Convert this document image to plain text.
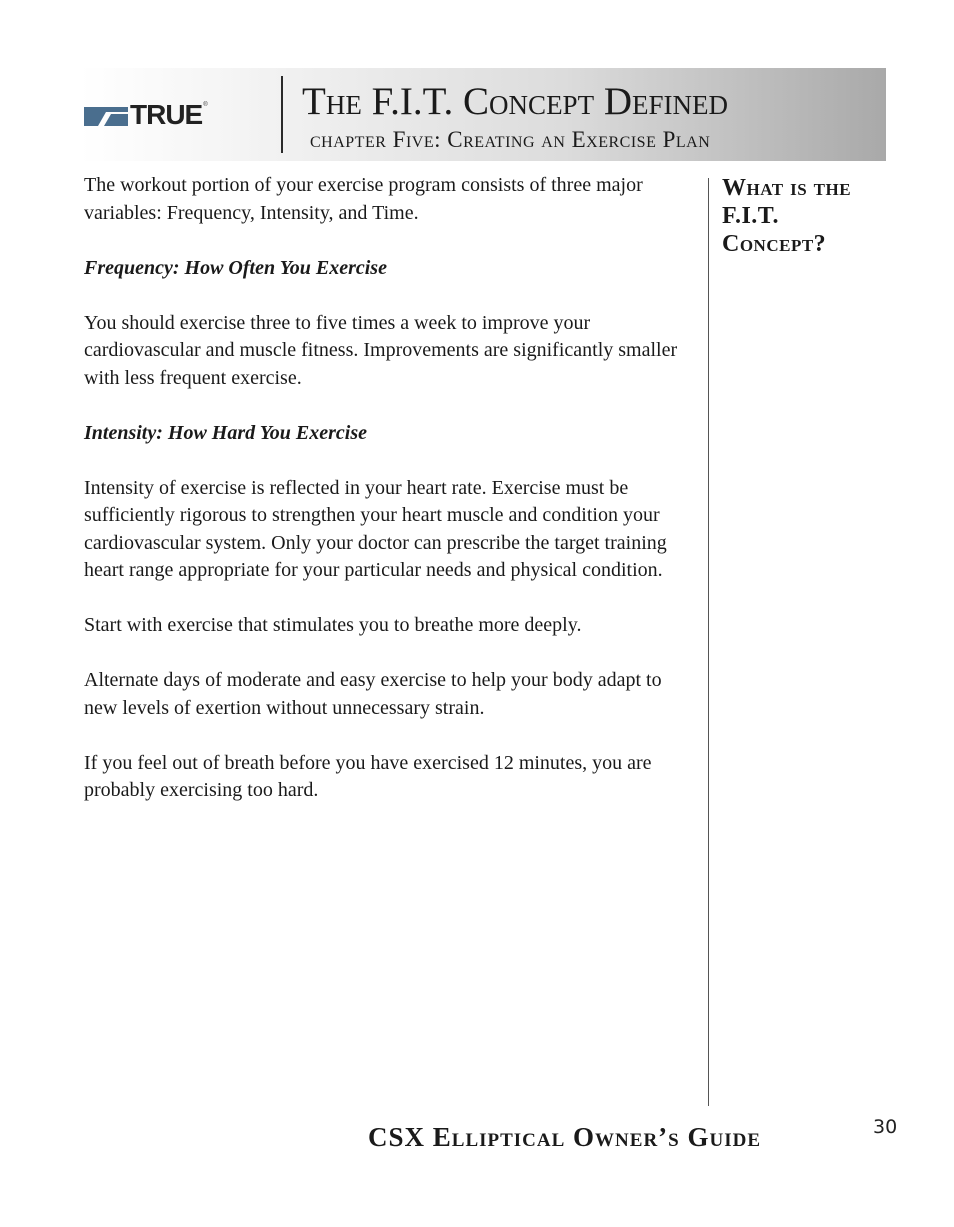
TRUE ® The F.I.T. Concept Defined
chapter Five: Creating an Exercise Plan

The workout portion of your exercise program consists of three major variables: Frequency, Intensity, and Time.

Frequency: How Often You Exercise

You should exercise three to five times a week to improve your cardiovascular and muscle fitness. Improvements are significantly smaller with less frequent exercise.

Intensity: How Hard You Exercise

Intensity of exercise is reflected in your heart rate. Exercise must be sufficiently rigorous to strengthen your heart muscle and condition your cardiovascular system. Only your doctor can prescribe the target training heart range appropriate for your particular needs and physical condition.

Start with exercise that stimulates you to breathe more deeply.

Alternate days of moderate and easy exercise to help your body adapt to new levels of exertion without unnecessary strain.

If you feel out of breath before you have exercised 12 minutes, you are probably exercising too hard.

What is the F.I.T. Concept?
CSX Elliptical Owner’s Guide	30
